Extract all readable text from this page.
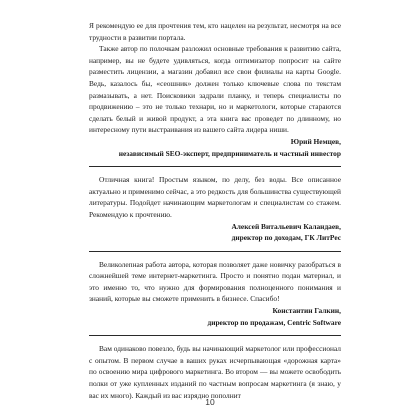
Я рекомендую ее для прочтения тем, кто нацелен на результат, несмотря на все трудности в развитии портала.

Также автор по полочкам разложил основные требования к развитию сайта, например, вы не будете удивляться, когда оптимизатор попросит на сайте разместить лицензии, а магазин добавил все свои филиалы на карты Google. Ведь, казалось бы, «сеошник» должен только ключевые слова по текстам размазывать, а нет. Поисковики задрали планку, и теперь специалисты по продвижению – это не только технари, но и маркетологи, которые стараются сделать белый и живой продукт, а эта книга вас проведет по длинному, но интересному пути выстраивания из вашего сайта лидера ниши.

Юрий Немцев,

независимый SEO-эксперт, предприниматель и частный инвестор

Отличная книга! Простым языком, по делу, без воды. Все описанное актуально и применимо сейчас, а это редкость для большинства существующей литературы. Подойдет начинающим маркетологам и специалистам со стажем. Рекомендую к прочтению.

Алексей Витальевич Каландаев,

директор по доходам, ГК ЛитРес

Великолепная работа автора, которая позволяет даже новичку разобраться в сложнейшей теме интернет-маркетинга. Просто и понятно подан материал, и это именно то, что нужно для формирования полноценного понимания и знаний, которые вы сможете применить в бизнесе. Спасибо!

Константин Галкин,

директор по продажам, Centric Software

Вам одинаково повезло, будь вы начинающий маркетолог или профессионал с опытом. В первом случае в ваших руках исчерпывающая «дорожная карта» по освоению мира цифрового маркетинга. Во втором — вы можете освободить полки от уже купленных изданий по частным вопросам маркетинга (я знаю, у вас их много). Каждый из вас изрядно пополнит

10
